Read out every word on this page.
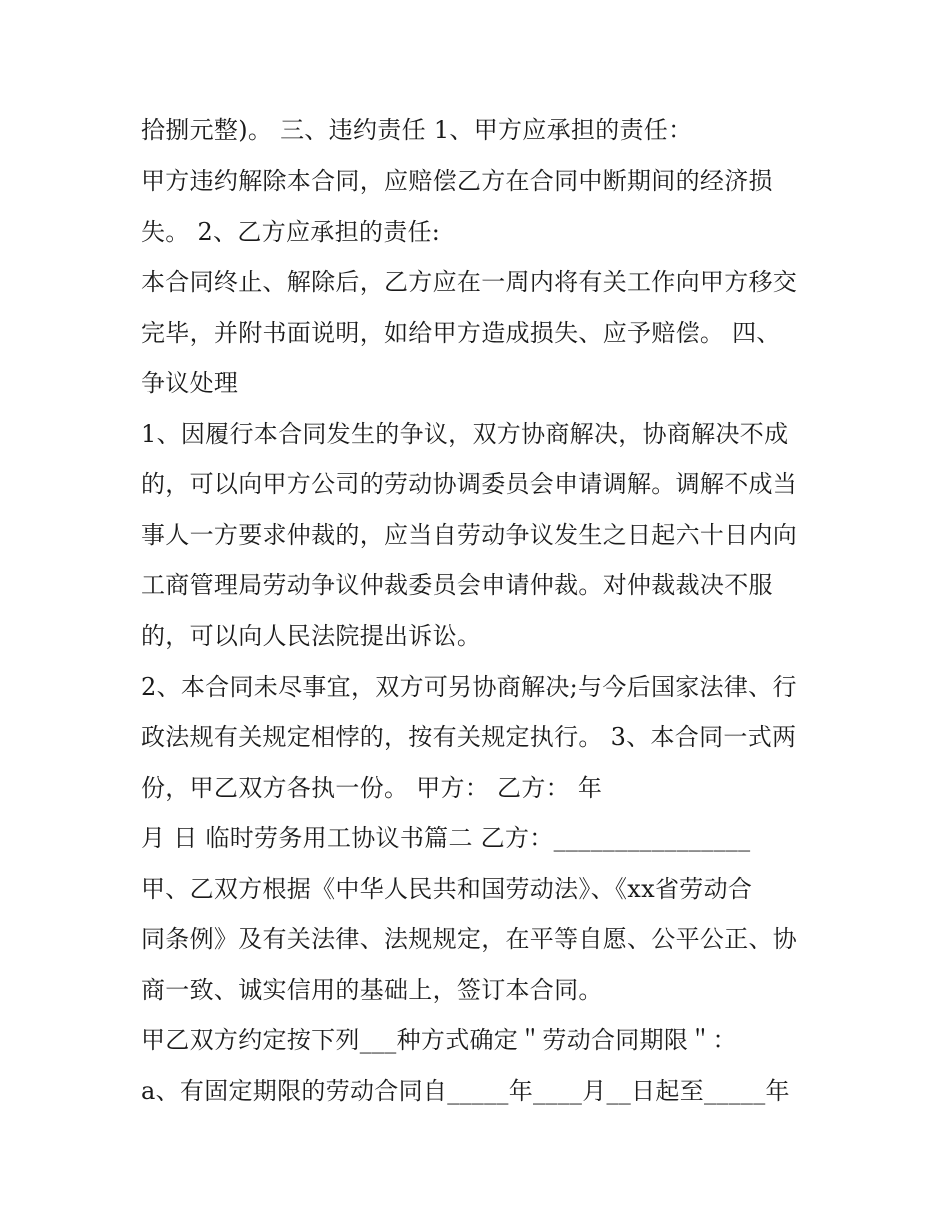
拾捌元整)。 三、违约责任 1、甲方应承担的责任：
甲方违约解除本合同，应赔偿乙方在合同中断期间的经济损
失。 2、乙方应承担的责任:
本合同终止、解除后，乙方应在一周内将有关工作向甲方移交
完毕，并附书面说明，如给甲方造成损失、应予赔偿。 四、
争议处理
1、因履行本合同发生的争议，双方协商解决，协商解决不成
的，可以向甲方公司的劳动协调委员会申请调解。调解不成当
事人一方要求仲裁的，应当自劳动争议发生之日起六十日内向
工商管理局劳动争议仲裁委员会申请仲裁。对仲裁裁决不服
的，可以向人民法院提出诉讼。
2、本合同未尽事宜，双方可另协商解决;与今后国家法律、行
政法规有关规定相悖的，按有关规定执行。 3、本合同一式两
份，甲乙双方各执一份。 甲方： 乙方： 年
月 日 临时劳务用工协议书篇二 乙方：________________
甲、乙双方根据《中华人民共和国劳动法》、《xx省劳动合
同条例》及有关法律、法规规定，在平等自愿、公平公正、协
商一致、诚实信用的基础上，签订本合同。
甲乙双方约定按下列___种方式确定＂劳动合同期限＂：
a、有固定期限的劳动合同自_____年____月__日起至_____年
